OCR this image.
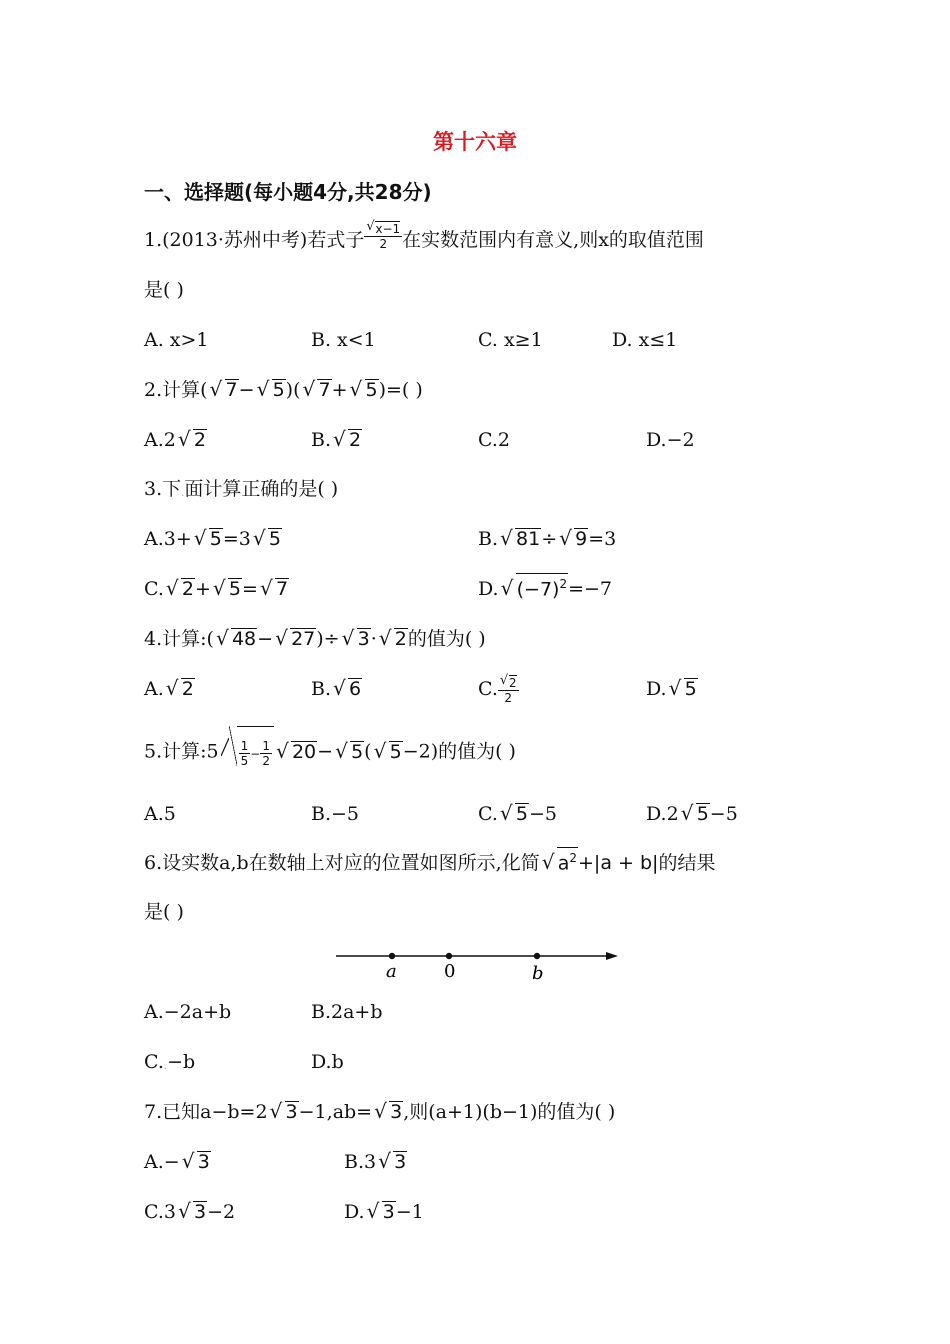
第十六章
一、选择题(每小题4分,共28分)
1.(2013·苏州中考)若式子 √ $\frac{x-1}{2}$ 在实数范围内有意义,则x的取值范围
是( )
A. x>1	B. x<1	C. x≥1	D. x≤1
2.计算( √ 7− √ 5)( √ 7+ √ 5)=( )
A.2 √ 2	B. √ 2	C.2	D.−2
3.下$_\cdot$面计算正确的是( )
A.3+ √ 5=3 √ 5	B. √ 81÷ √ 9=3
C. √ 2+ √ 5= √ 7	D. √ $(-7)^2=-7$
4.计算:( √ 48− √ 27)÷ √ 3· √ 2的值为( )
A. √ 2	B. √ 6	C. √ $\frac{2}{2}$	D. √ 5
5.计算:5 $\frac{1}{5} - \frac{1}{2}$ √ 20− √ 5( √ 5−2)的值为( )
A.5	B.−5	C. √ 5−5	D.2 √ 5−5
6.设实数a,b在数轴上对应的位置如图所示,化简 √ $a^2+|a + b|$的结果
是( )
a	0	b
A.−2a+b	B.2a+b
$C._\cdot-b$	D.b
7.已知a−b=2 √ 3−1,ab= √ 3,则(a+1)(b−1)的值为( )
A.− √ 3	B.3 √ 3
C.3 √ 3−2	D. √ 3−1
